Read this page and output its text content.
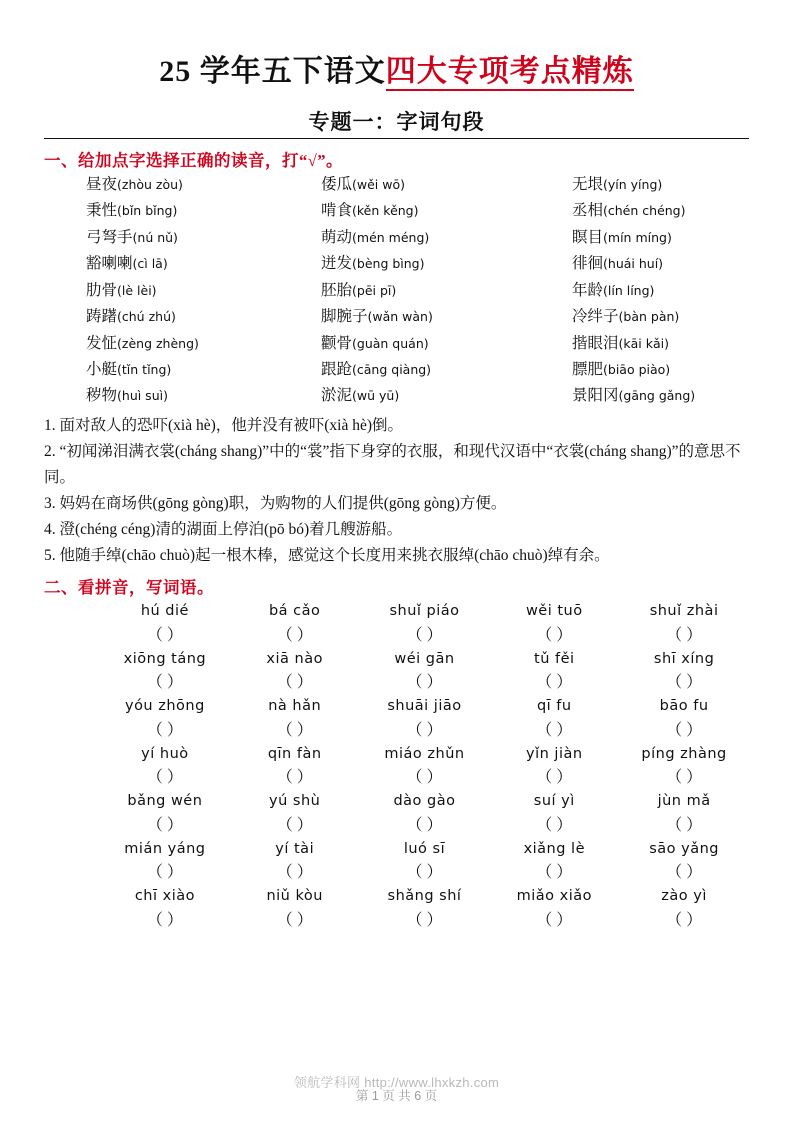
25 学年五下语文四大专项考点精炼
专题一：字词句段
一、给加点字选择正确的读音，打“√”。
昼夜(zhòu zòu)	倭瓜(wěi wō)	无垠(yín yíng)
秉性(bǐn bǐng)	啃食(kěn kěng)	丞相(chén chéng)
弓弩手(nú nǔ)	萌动(mén méng)	瞑目(mín míng)
豁喇喇(cì lā)	迸发(bèng bìng)	徘徊(huái huí)
肋骨(lè lèi)	胚胎(pēi pī)	年龄(lín líng)
踌躇(chú zhú)	脚腕子(wǎn wàn)	冷绊子(bàn pàn)
发怔(zèng zhèng)	颧骨(guàn quán)	揩眼泪(kāi kǎi)
小艇(tǐn tǐng)	跟跄(cāng qiàng)	膘肥(biāo piào)
秽物(huì suì)	淤泥(wū yū)	景阳冈(gāng gǎng)

1. 面对敌人的恐吓(xià hè)，他并没有被吓(xià hè)倒。

2. “初闻涕泪满衣裳(cháng shang)”中的“裳”指下身穿的衣服，和现代汉语中“衣裳(cháng shang)”的意思不同。

3. 妈妈在商场供(gōng gòng)职，为购物的人们提供(gōng gòng)方便。

4. 澄(chéng céng)清的湖面上停泊(pō bó)着几艘游船。

5. 他随手绰(chāo chuò)起一根木棒，感觉这个长度用来挑衣服绰(chāo chuò)绰有余。

二、看拼音，写词语。
hú dié	bá cǎo	shuǐ piáo	wěi tuō	shuǐ zhài
（ ）	（ ）	（ ）	（ ）	（ ）
xiōng táng	xiā nào	wéi gān	tǔ fěi	shī xíng
（ ）	（ ）	（ ）	（ ）	（ ）
yóu zhōng	nà hǎn	shuāi jiāo	qī fu	bāo fu
（ ）	（ ）	（ ）	（ ）	（ ）
yí huò	qīn fàn	miáo zhǔn	yǐn jiàn	píng zhàng
（ ）	（ ）	（ ）	（ ）	（ ）
bǎng wén	yú shù	dào gào	suí yì	jùn mǎ
（ ）	（ ）	（ ）	（ ）	（ ）
mián yáng	yí tài	luó sī	xiǎng lè	sāo yǎng
（ ）	（ ）	（ ）	（ ）	（ ）
chī xiào	niǔ kòu	shǎng shí	miǎo xiǎo	zào yì
（ ）	（ ）	（ ）	（ ）	（ ）
领航学科网 http://www.lhxkzh.com
第 1 页 共 6 页
